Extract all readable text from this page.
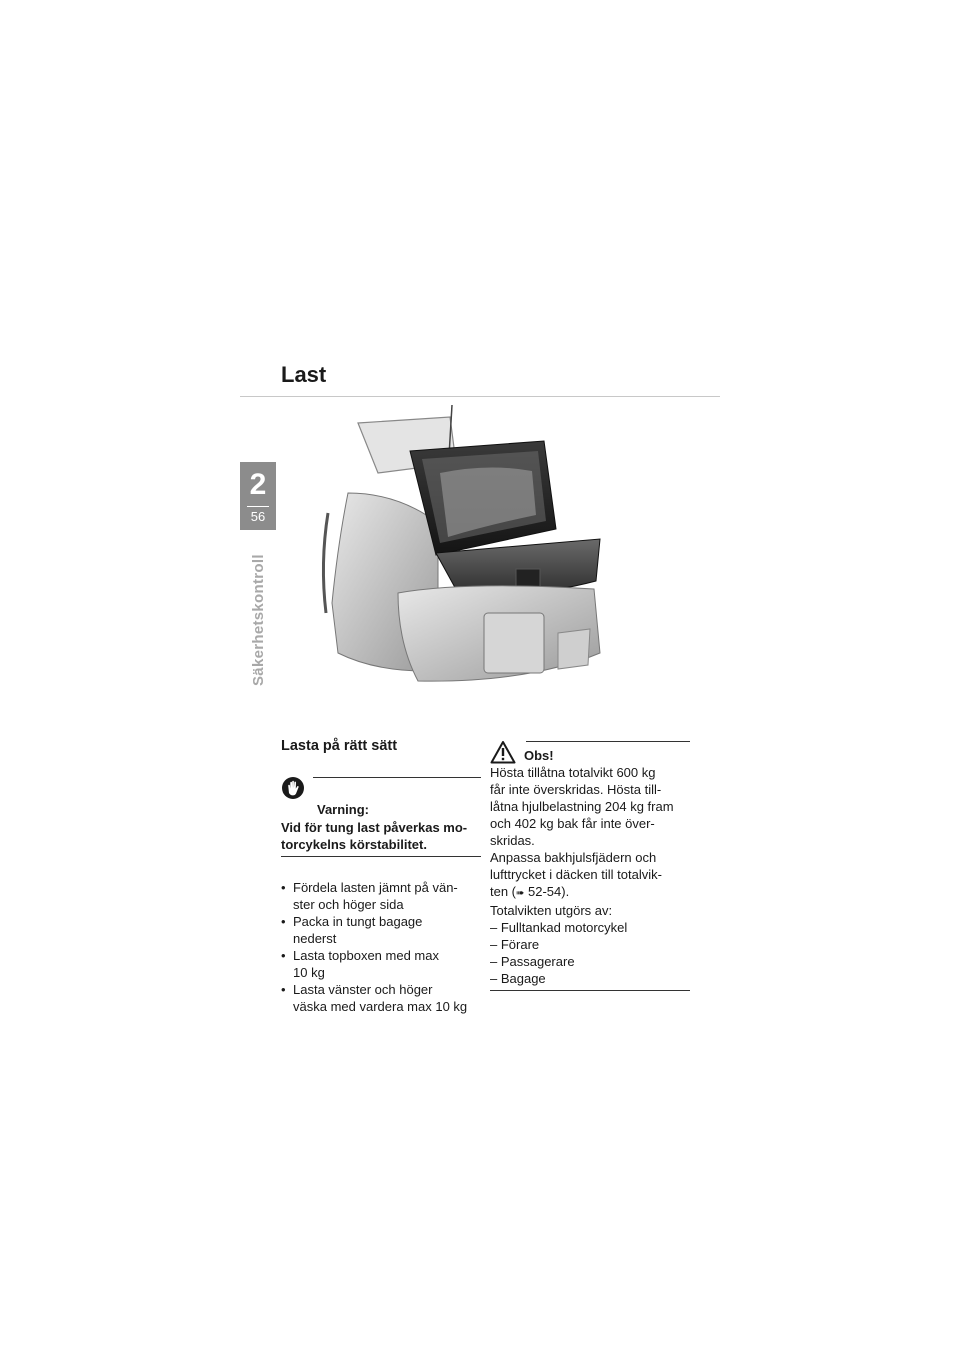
Last
2
56
Säkerhetskontroll
Lasta på rätt sätt
Varning:
Vid för tung last påverkas mo-
torcykelns körstabilitet.
• Fördela lasten jämnt på vän-
ster och höger sida
• Packa in tungt bagage
nederst
• Lasta topboxen med max
10 kg
• Lasta vänster och höger
väska med vardera max 10 kg
Obs!

Hösta tillåtna totalvikt 600 kg

får inte överskridas. Hösta till-

låtna hjulbelastning 204 kg fram

och 402 kg bak får inte över-

skridas.

Anpassa bakhjulsfjädern och

lufttrycket i däcken till totalvik-

ten (➠ 52-54).

Totalvikten utgörs av:

– Fulltankad motorcykel
– Förare
– Passagerare
– Bagage
